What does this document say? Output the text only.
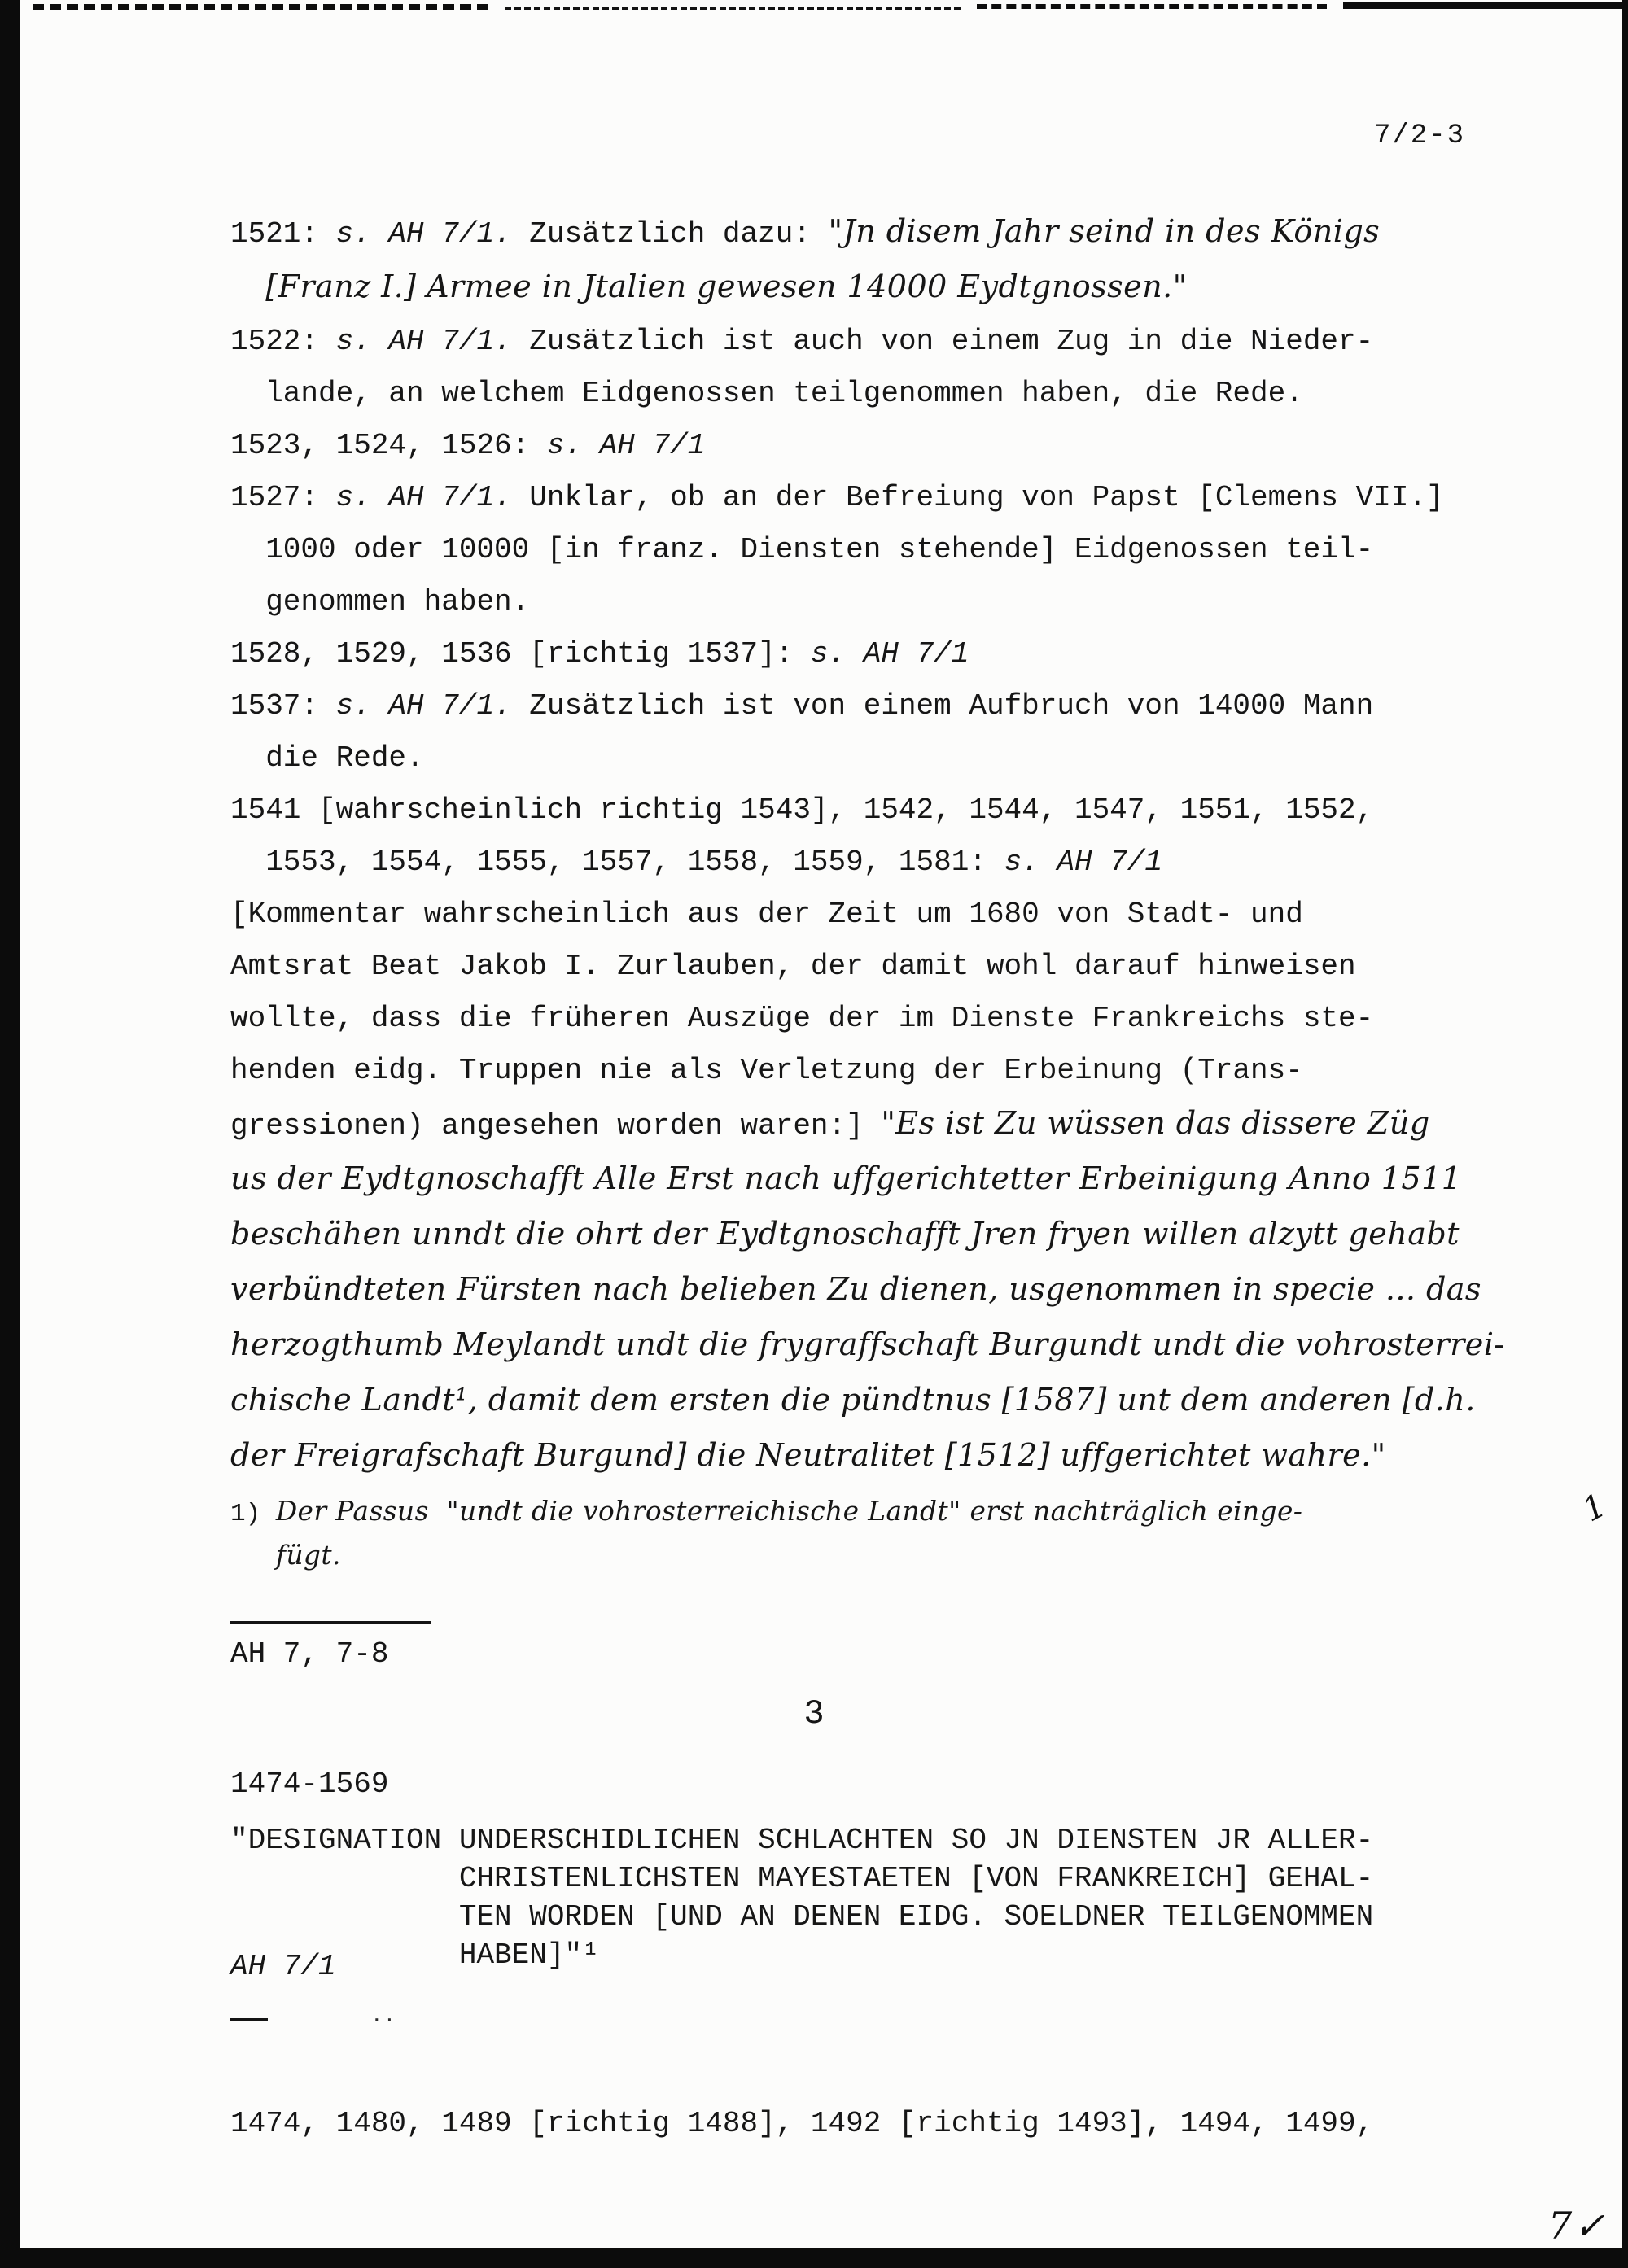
7/2-3
1521: s. AH 7/1. Zusätzlich dazu: "Jn disem Jahr seind in des Königs
[Franz I.] Armee in Jtalien gewesen 14000 Eydtgnossen."
1522: s. AH 7/1. Zusätzlich ist auch von einem Zug in die Nieder-
lande, an welchem Eidgenossen teilgenommen haben, die Rede.
1523, 1524, 1526: s. AH 7/1
1527: s. AH 7/1. Unklar, ob an der Befreiung von Papst [Clemens VII.]
1000 oder 10000 [in franz. Diensten stehende] Eidgenossen teil-
genommen haben.
1528, 1529, 1536 [richtig 1537]: s. AH 7/1
1537: s. AH 7/1. Zusätzlich ist von einem Aufbruch von 14000 Mann
die Rede.
1541 [wahrscheinlich richtig 1543], 1542, 1544, 1547, 1551, 1552,
1553, 1554, 1555, 1557, 1558, 1559, 1581: s. AH 7/1
[Kommentar wahrscheinlich aus der Zeit um 1680 von Stadt- und
Amtsrat Beat Jakob I. Zurlauben, der damit wohl darauf hinweisen
wollte, dass die früheren Auszüge der im Dienste Frankreichs ste-
henden eidg. Truppen nie als Verletzung der Erbeinung (Trans-
gressionen) angesehen worden waren:] "Es ist Zu wüssen das dissere Züg
us der Eydtgnoschafft Alle Erst nach uffgerichtetter Erbeinigung Anno 1511
beschähen unndt die ohrt der Eydtgnoschafft Jren fryen willen alzytt gehabt
verbündteten Fürsten nach belieben Zu dienen, usgenommen in specie ... das
herzogthumb Meylandt undt die frygraffschaft Burgundt undt die vohrosterrei-
chische Landt¹, damit dem ersten die pündtnus [1587] unt dem anderen [d.h.
der Freigrafschaft Burgund] die Neutralitet [1512] uffgerichtet wahre."
1) Der Passus  "undt die vohrosterreichische Landt" erst nachträglich einge-
fügt.
AH 7, 7-8
3
1474-1569
"DESIGNATION UNDERSCHIDLICHEN SCHLACHTEN SO JN DIENSTEN JR ALLER-
CHRISTENLICHSTEN MAYESTAETEN [VON FRANKREICH] GEHAL-
TEN WORDEN [UND AN DENEN EIDG. SOELDNER TEILGENOMMEN
HABEN]"¹
AH 7/1
..
1474, 1480, 1489 [richtig 1488], 1492 [richtig 1493], 1494, 1499,
1
7✓
